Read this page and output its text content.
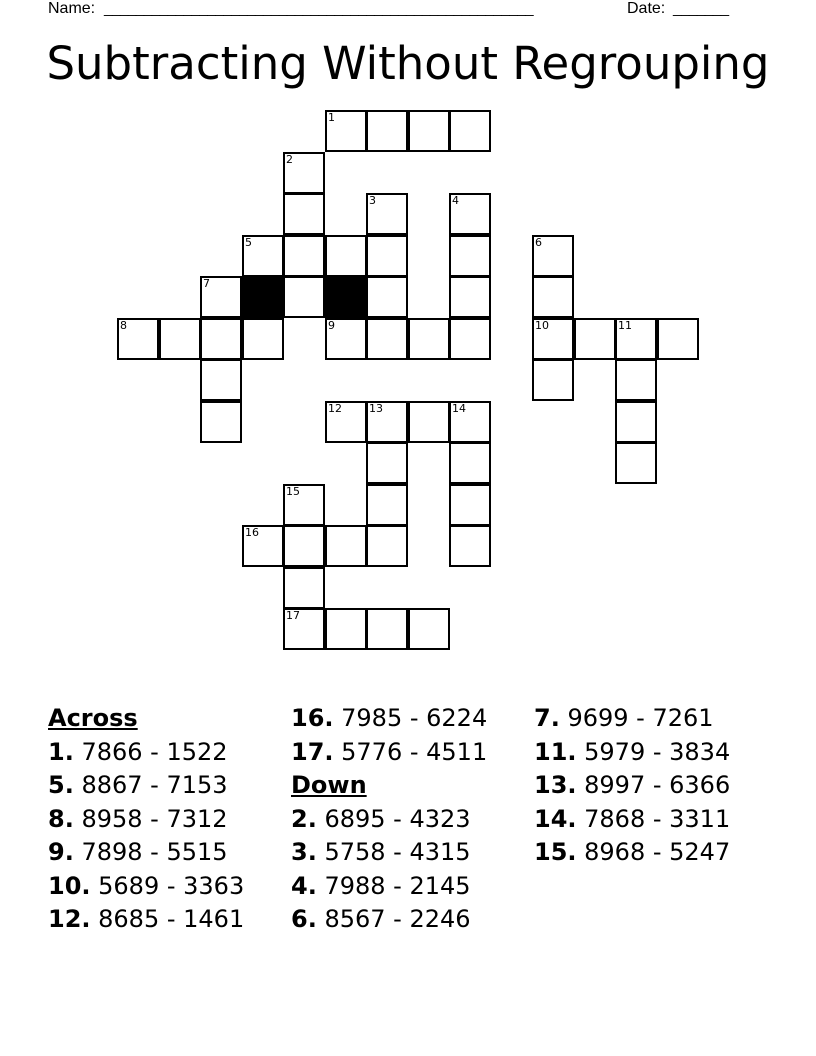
Name: ______________________________________________________	Date: _______
Subtracting Without Regrouping
1
2
3	4
5	6
7
8	9	10	11
12 13	14
15
16
17
Across
1. 7866 - 1522
5. 8867 - 7153
8. 8958 - 7312
9. 7898 - 5515
10. 5689 - 3363
12. 8685 - 1461
16. 7985 - 6224
17. 5776 - 4511
Down
2. 6895 - 4323
3. 5758 - 4315
4. 7988 - 2145
6. 8567 - 2246
7. 9699 - 7261
11. 5979 - 3834
13. 8997 - 6366
14. 7868 - 3311
15. 8968 - 5247
